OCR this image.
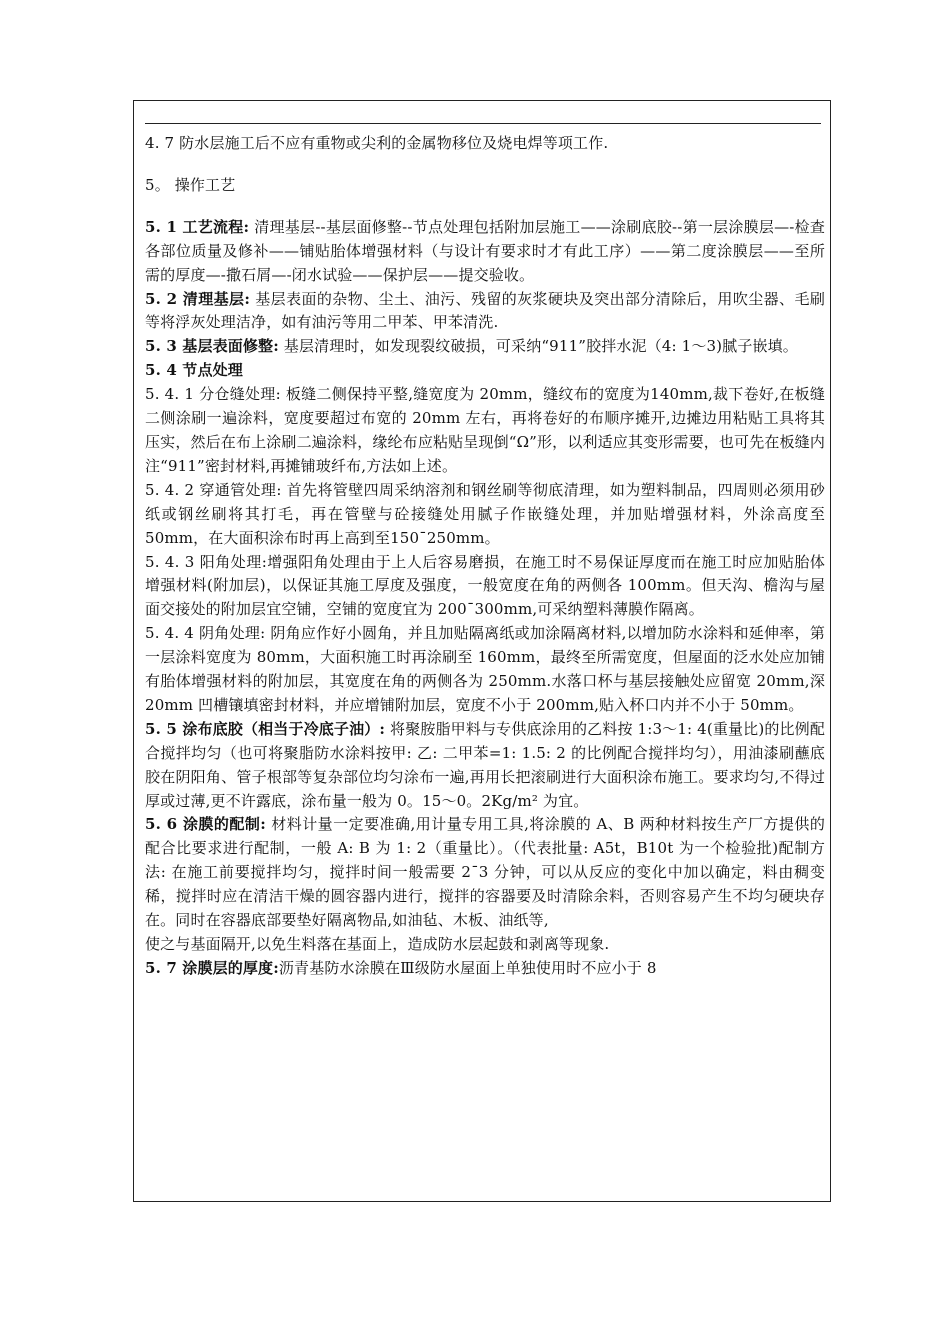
4. 7 防水层施工后不应有重物或尖利的金属物移位及烧电焊等项工作.

5。 操作工艺

5. 1 工艺流程: 清理基层--基层面修整--节点处理包括附加层施工——涂刷底胶--第一层涂膜层—-检查各部位质量及修补——铺贴胎体增强材料（与设计有要求时才有此工序）——第二度涂膜层——至所需的厚度—-撒石屑—-闭水试验——保护层——提交验收。

5. 2 清理基层: 基层表面的杂物、尘土、油污、残留的灰浆硬块及突出部分清除后，用吹尘器、毛刷等将浮灰处理洁净，如有油污等用二甲苯、甲苯清洗.

5. 3 基层表面修整: 基层清理时，如发现裂纹破损，可采纳“911”胶拌水泥（4: 1～3)腻子嵌填。

5. 4 节点处理

5. 4. 1 分仓缝处理: 板缝二侧保持平整,缝宽度为 20mm，缝纹布的宽度为140mm,裁下卷好,在板缝二侧涂刷一遍涂料，宽度要超过布宽的 20mm 左右，再将卷好的布顺序摊开,边摊边用粘贴工具将其压实，然后在布上涂刷二遍涂料，缘纶布应粘贴呈现倒“Ω”形，以利适应其变形需要，也可先在板缝内注“911”密封材料,再摊铺玻纤布,方法如上述。

5. 4. 2 穿通管处理: 首先将管壁四周采纳溶剂和钢丝刷等彻底清理，如为塑料制品，四周则必须用砂纸或钢丝刷将其打毛，再在管壁与砼接缝处用腻子作嵌缝处理，并加贴增强材料，外涂高度至 50mm，在大面积涂布时再上高到至150¯250mm。

5. 4. 3 阳角处理:增强阳角处理由于上人后容易磨损，在施工时不易保证厚度而在施工时应加贴胎体增强材料(附加层)，以保证其施工厚度及强度，一般宽度在角的两侧各 100mm。但天沟、檐沟与屋面交接处的附加层宜空铺，空铺的宽度宜为 200¯300mm,可采纳塑料薄膜作隔离。

5. 4. 4 阴角处理: 阴角应作好小圆角，并且加贴隔离纸或加涂隔离材料,以增加防水涂料和延伸率，第一层涂料宽度为 80mm，大面积施工时再涂刷至 160mm，最终至所需宽度，但屋面的泛水处应加铺有胎体增强材料的附加层，其宽度在角的两侧各为 250mm.水落口杯与基层接触处应留宽 20mm,深 20mm 凹槽镶填密封材料，并应增铺附加层，宽度不小于 200mm,贴入杯口内并不小于 50mm。

5. 5 涂布底胶（相当于冷底子油）: 将聚胺脂甲料与专供底涂用的乙料按 1:3～1: 4(重量比)的比例配合搅拌均匀（也可将聚脂防水涂料按甲: 乙: 二甲苯=1: 1.5: 2 的比例配合搅拌均匀），用油漆刷蘸底胶在阴阳角、管子根部等复杂部位均匀涂布一遍,再用长把滚刷进行大面积涂布施工。要求均匀,不得过厚或过薄,更不许露底，涂布量一般为 0。15～0。2Kg/m² 为宜。

5. 6 涂膜的配制: 材料计量一定要准确,用计量专用工具,将涂膜的 A、B 两种材料按生产厂方提供的配合比要求进行配制，一般 A: B 为 1: 2（重量比）。（代表批量: A5t，B10t 为一个检验批)配制方法: 在施工前要搅拌均匀，搅拌时间一般需要 2¯3 分钟，可以从反应的变化中加以确定，料由稠变稀，搅拌时应在清洁干燥的圆容器内进行，搅拌的容器要及时清除余料，否则容易产生不均匀硬块存在。同时在容器底部要垫好隔离物品,如油毡、木板、油纸等,

使之与基面隔开,以免生料落在基面上，造成防水层起鼓和剥离等现象.

5. 7 涂膜层的厚度:沥青基防水涂膜在Ⅲ级防水屋面上单独使用时不应小于 8
